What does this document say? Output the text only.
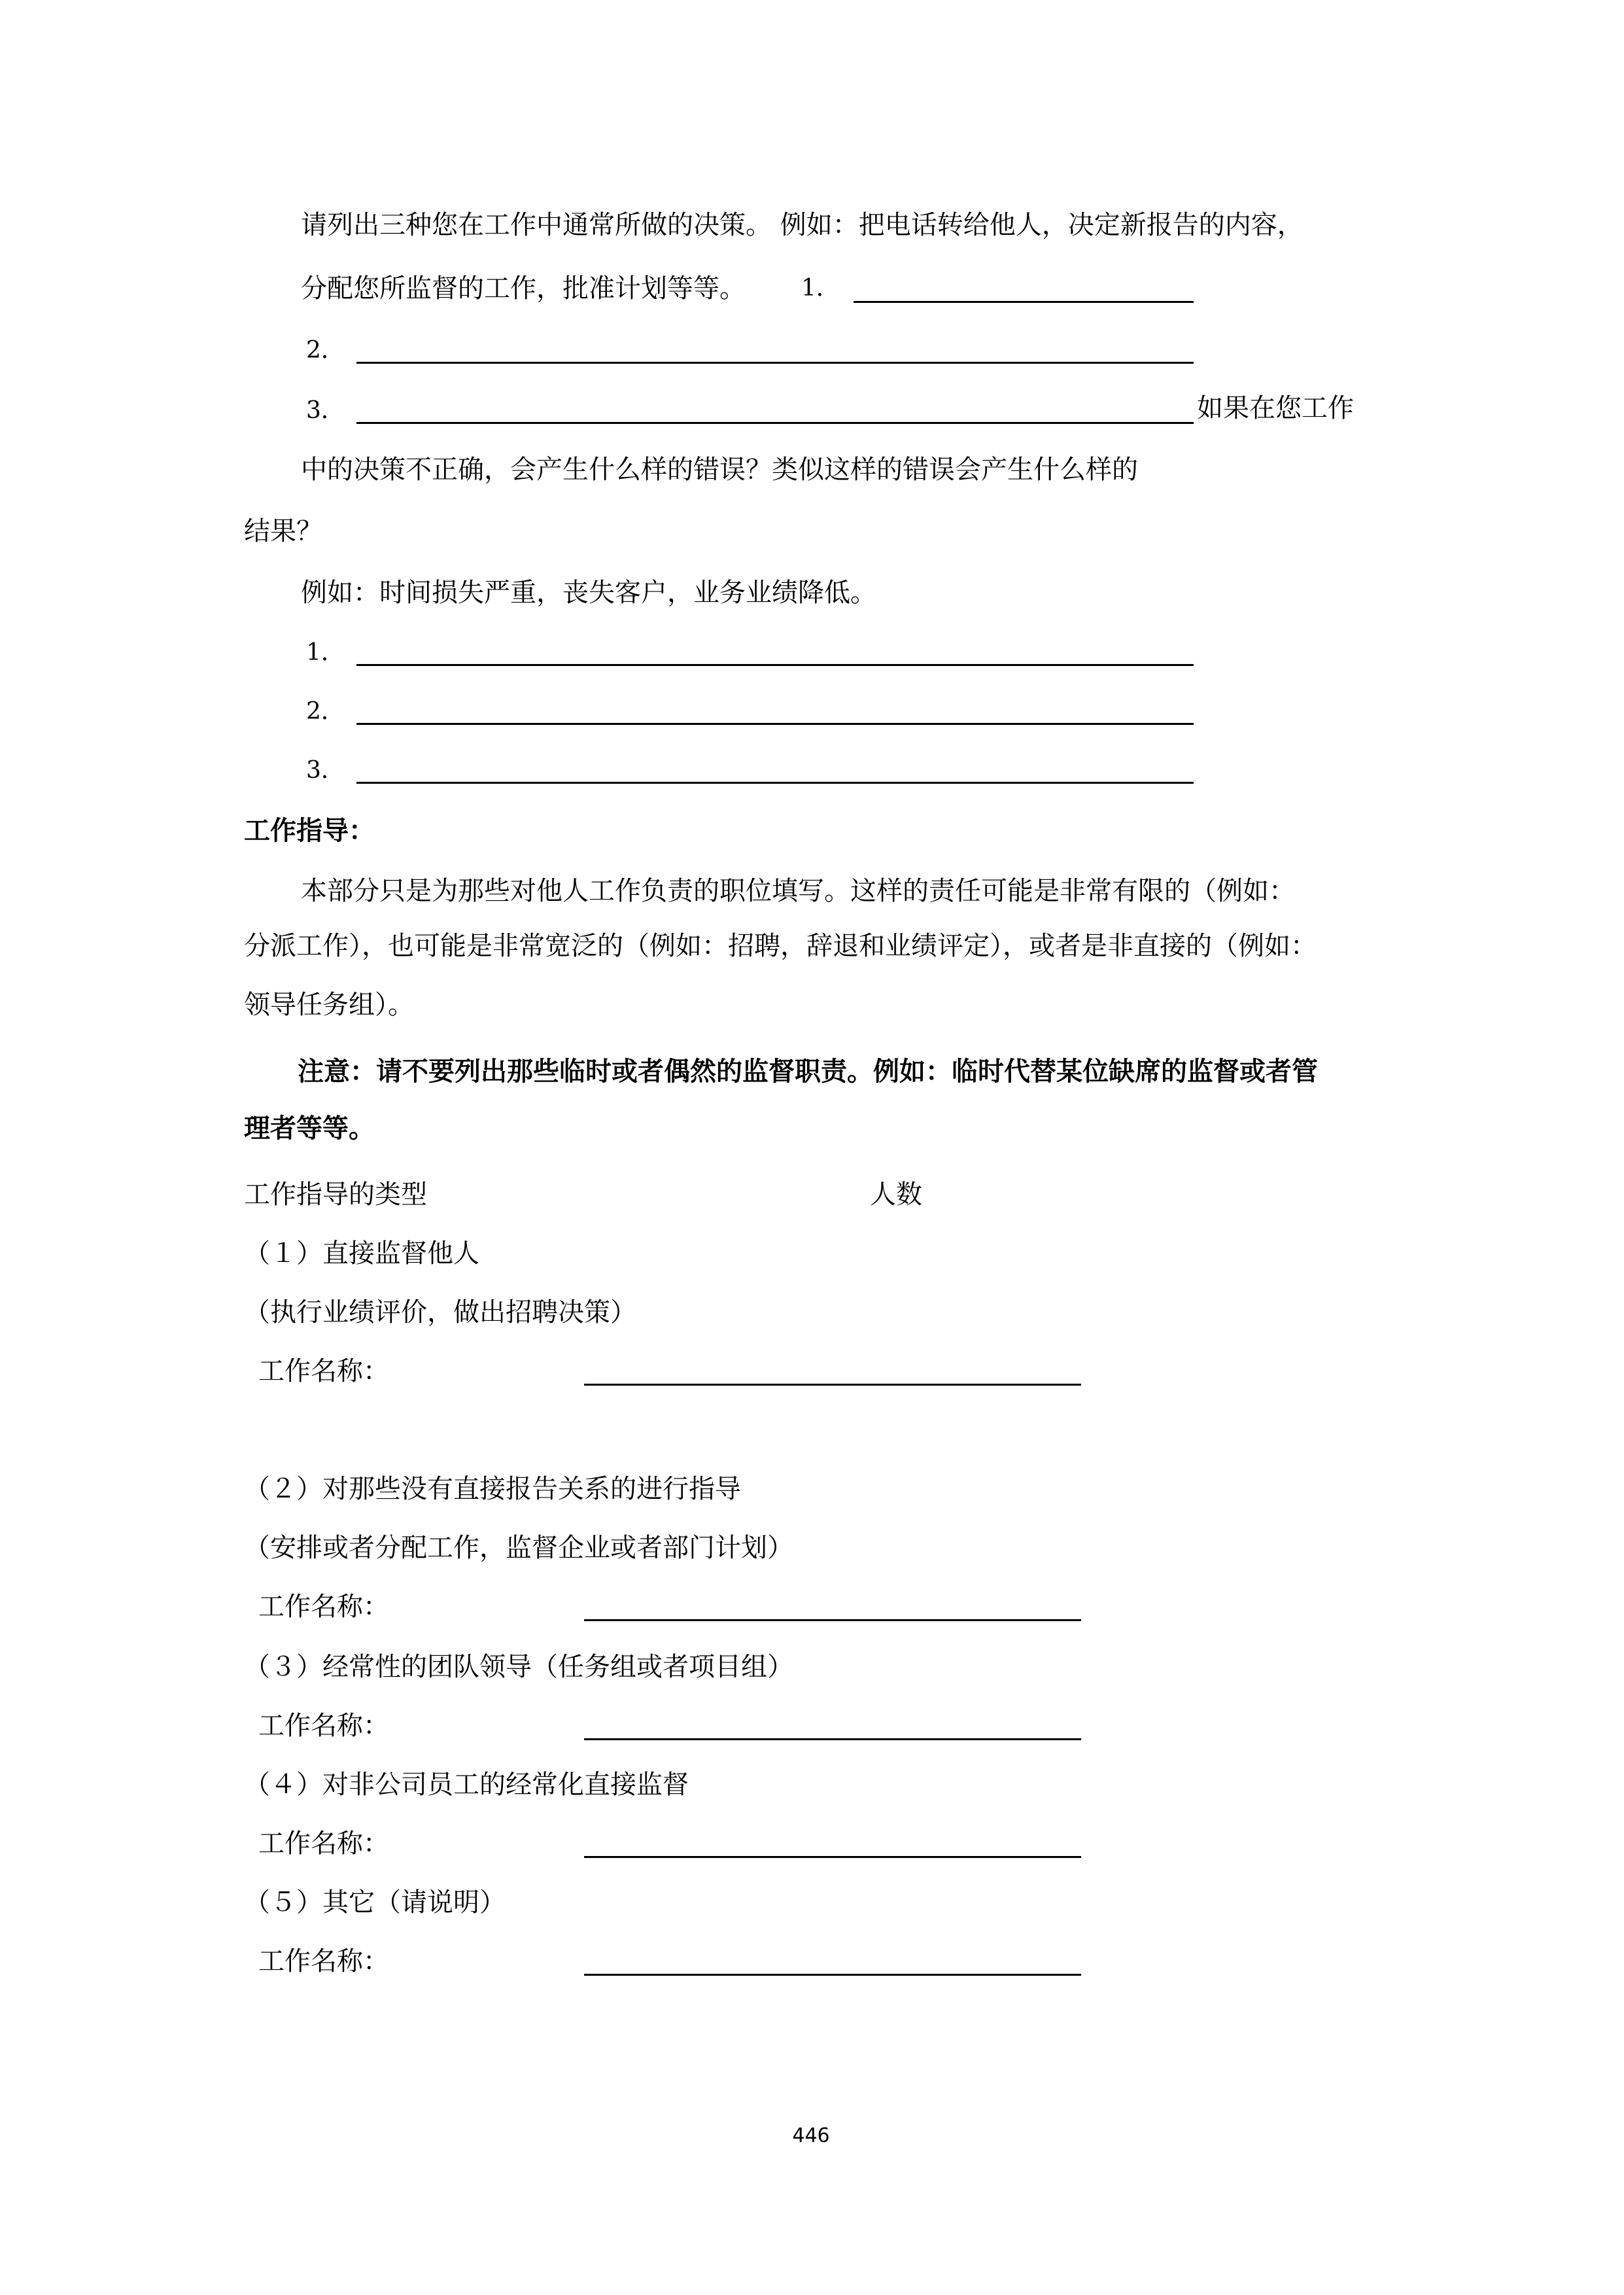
请列出三种您在工作中通常所做的决策。 例如：把电话转给他人，决定新报告的内容，
分配您所监督的工作，批准计划等等。 1．
2．
3．	如果在您工作
中的决策不正确，会产生什么样的错误？类似这样的错误会产生什么样的
结果？
例如：时间损失严重，丧失客户，业务业绩降低。
1．
2．
3．
工作指导：
本部分只是为那些对他人工作负责的职位填写。这样的责任可能是非常有限的（例如：
分派工作），也可能是非常宽泛的（例如：招聘，辞退和业绩评定），或者是非直接的（例如：
领导任务组）。
注意：请不要列出那些临时或者偶然的监督职责。例如：临时代替某位缺席的监督或者管
理者等等。
工作指导的类型	人数
（１）直接监督他人
（执行业绩评价，做出招聘决策）
工作名称：
（２）对那些没有直接报告关系的进行指导
（安排或者分配工作，监督企业或者部门计划）
工作名称：
（３）经常性的团队领导（任务组或者项目组）
工作名称：
（４）对非公司员工的经常化直接监督
工作名称：
（５）其它（请说明）
工作名称：
446
